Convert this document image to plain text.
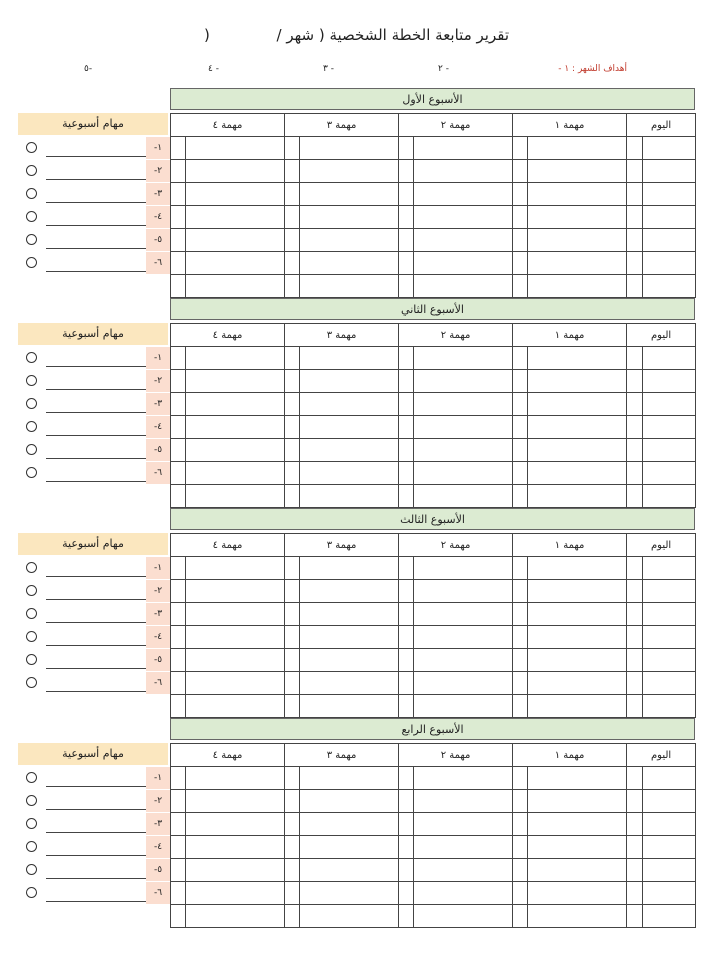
تقرير متابعة الخطة الشخصية ( شهر /
)
أهداف الشهر : ١ -
- ٢
- ٣
- ٤
-٥
الأسبوع الأول
مهام أسبوعية	مهمة ٤		مهمة ٣		مهمة ٢		مهمة ١		اليوم	

-١
-٢
-٣
-٤
-٥
-٦
الأسبوع الثاني
مهام أسبوعية	مهمة ٤		مهمة ٣		مهمة ٢		مهمة ١		اليوم	

-١
-٢
-٣
-٤
-٥
-٦
الأسبوع الثالث
مهام أسبوعية	مهمة ٤		مهمة ٣		مهمة ٢		مهمة ١		اليوم	

-١
-٢
-٣
-٤
-٥
-٦
الأسبوع الرابع
مهام أسبوعية	مهمة ٤		مهمة ٣		مهمة ٢		مهمة ١		اليوم	

-١
-٢
-٣
-٤
-٥
-٦
